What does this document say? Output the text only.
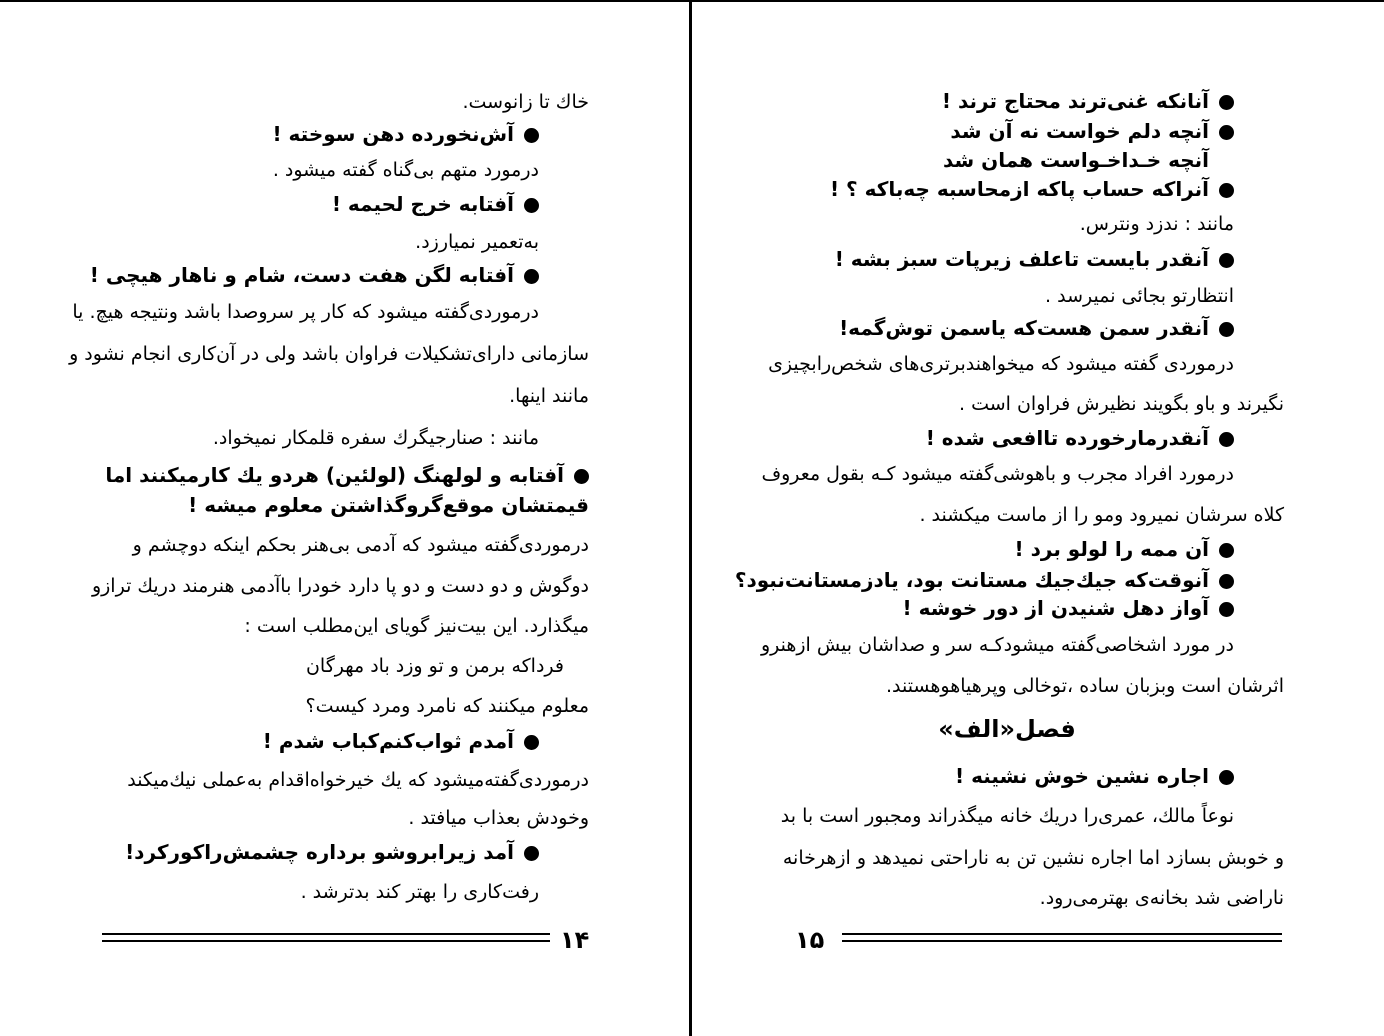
خاك تا زانوست.
آش‌نخورده دهن سوخته !
درمورد متهم بی‌گناه گفته میشود .
آفتابه خرج لحیمه !
به‌تعمیر نمیارزد.
آفتابه لگن هفت دست، شام و ناهار هیچی !
درموردی‌گفته میشود که کار پر سروصدا باشد ونتیجه هیچ. یا
سازمانی دارای‌تشکیلات فراوان باشد ولی در آن‌کاری انجام نشود و
مانند اینها.
مانند : صنارجیگرك سفره قلمکار نمیخواد.
آفتابه و لولهنگ (لولئین) هردو یك کارمیکنند اما
قیمتشان موقع‌گروگذاشتن معلوم میشه !
درموردی‌گفته میشود که آدمی بی‌هنر بحکم اینکه دوچشم و
دوگوش و دو دست و دو پا دارد خودرا باآدمی هنرمند دریك ترازو
میگذارد. این بیت‌نیز گویای این‌مطلب است :
فرداکه برمن و تو وزد باد مهرگان
معلوم میکنند که نامرد ومرد کیست؟
آمدم ثواب‌کنم‌کباب شدم !
درموردی‌گفته‌میشود که یك خیرخواه‌اقدام به‌عملی نیك‌میکند
وخودش بعذاب میافتد .
آمد زیرابروشو برداره چشمش‌راکورکرد!
رفت‌کاری را بهتر کند بدترشد .
۱۴
آنانکه غنی‌ترند محتاج ترند !
آنچه دلم خواست نه آن شد
آنچه خـداخـواست همان شد
آنراکه حساب پاکه ازمحاسبه چه‌باکه ؟ !
مانند : ندزد ونترس.
آنقدر بایست تاعلف زیرپات سبز بشه !
انتظارتو بجائی نمیرسد .
آنقدر سمن هست‌که یاسمن توش‌گمه!
درموردی گفته میشود که میخواهندبرتری‌های شخص‌رابچیزی
نگیرند و باو بگویند نظیرش فراوان است .
آنقدرمارخورده تاافعی شده !
درمورد افراد مجرب و باهوشی‌گفته میشود کـه بقول معروف
کلاه سرشان نمیرود ومو را از ماست میکشند .
آن ممه را لولو برد !
آنوقت‌که جیك‌جیك مستانت بود، یادزمستانت‌نبود؟
آواز دهل شنیدن از دور خوشه !
در مورد اشخاصی‌گفته میشودکـه سر و صداشان بیش ازهنرو
اثرشان است وبزبان ساده ،توخالی وپرهیاهوهستند.
فصل«الف»
اجاره نشین خوش نشینه !
نوعاً مالك، عمری‌را دریك خانه میگذراند ومجبور است با بد
و خوبش بسازد اما اجاره نشین تن به ناراحتی نمیدهد و ازهرخانه
ناراضی شد بخانه‌ی بهترمی‌رود.
۱۵
